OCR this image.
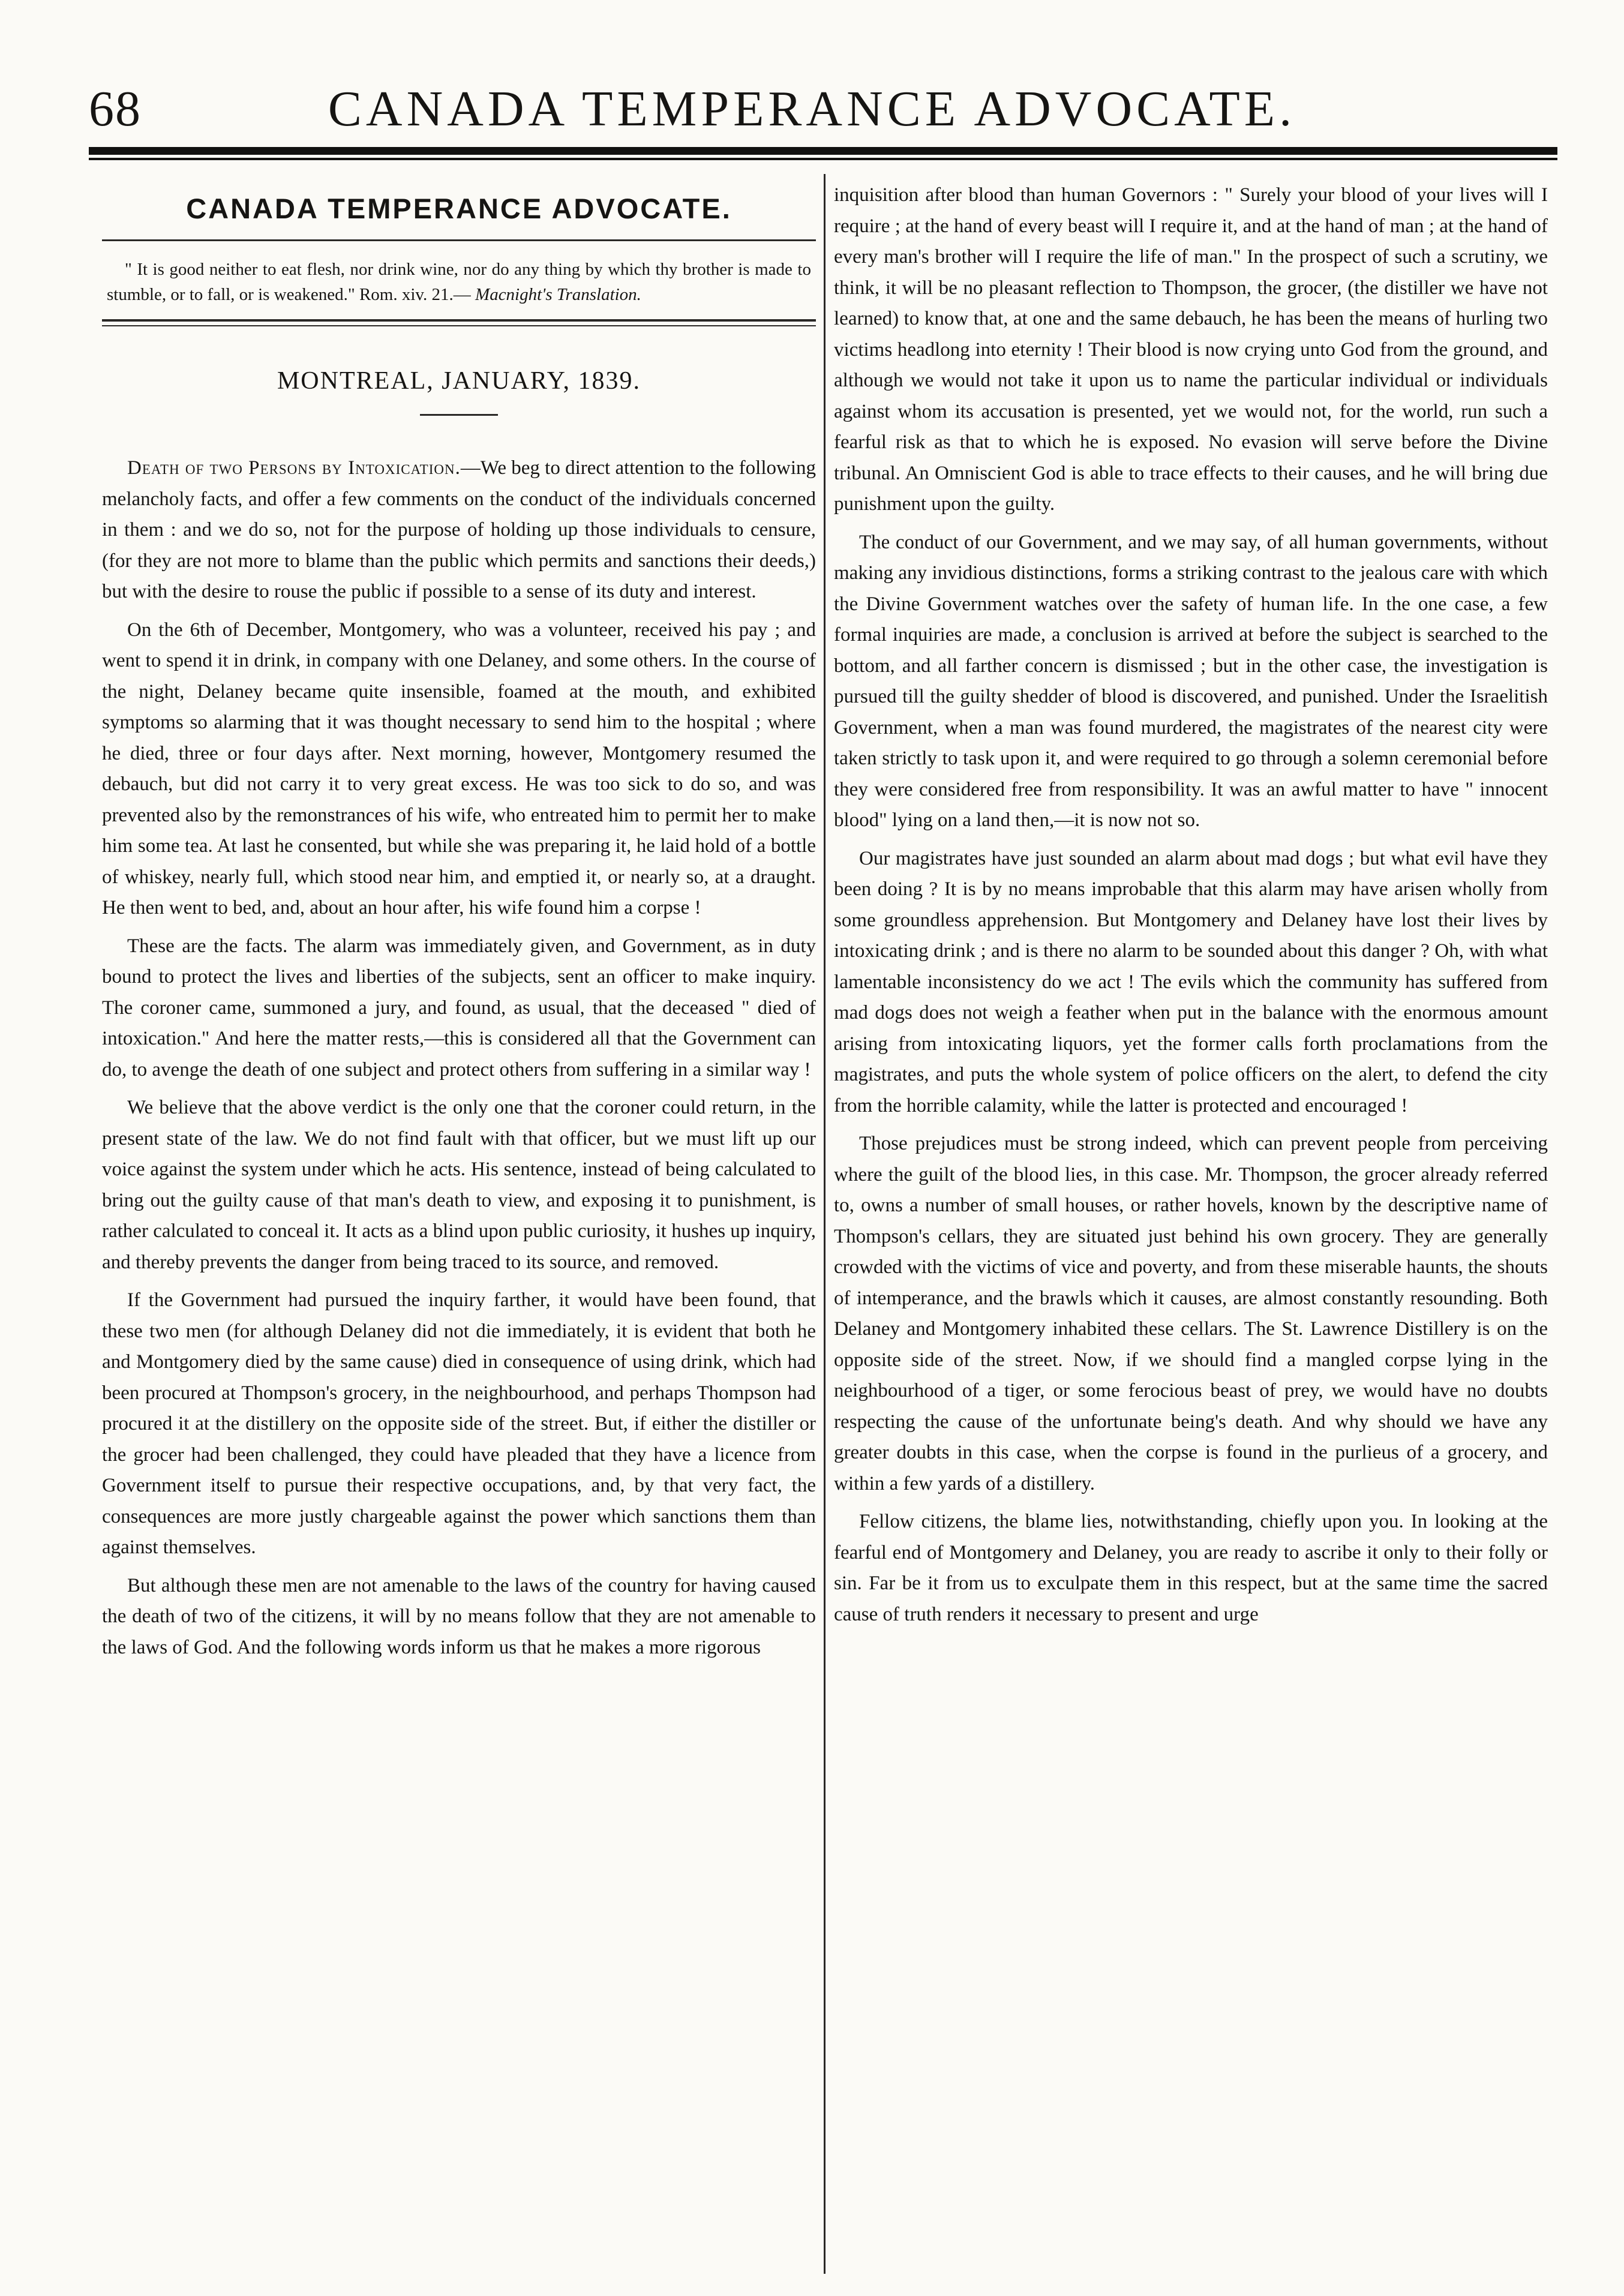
68	CANADA TEMPERANCE ADVOCATE.
CANADA TEMPERANCE ADVOCATE.
" It is good neither to eat flesh, nor drink wine, nor do any thing by which thy brother is made to stumble, or to fall, or is weakened." Rom. xiv. 21.— Macnight's Translation.
MONTREAL, JANUARY, 1839.

Death of two Persons by Intoxication.—We beg to direct attention to the following melancholy facts, and offer a few comments on the conduct of the individuals concerned in them : and we do so, not for the purpose of holding up those individuals to censure, (for they are not more to blame than the public which permits and sanctions their deeds,) but with the desire to rouse the public if possible to a sense of its duty and interest.

On the 6th of December, Montgomery, who was a volunteer, received his pay ; and went to spend it in drink, in company with one Delaney, and some others. In the course of the night, Delaney became quite insensible, foamed at the mouth, and exhibited symptoms so alarming that it was thought necessary to send him to the hospital ; where he died, three or four days after. Next morning, however, Montgomery resumed the debauch, but did not carry it to very great excess. He was too sick to do so, and was prevented also by the remonstrances of his wife, who entreated him to permit her to make him some tea. At last he consented, but while she was preparing it, he laid hold of a bottle of whiskey, nearly full, which stood near him, and emptied it, or nearly so, at a draught. He then went to bed, and, about an hour after, his wife found him a corpse !

These are the facts. The alarm was immediately given, and Government, as in duty bound to protect the lives and liberties of the subjects, sent an officer to make inquiry. The coroner came, summoned a jury, and found, as usual, that the deceased " died of intoxication." And here the matter rests,—this is considered all that the Government can do, to avenge the death of one subject and protect others from suffering in a similar way !

We believe that the above verdict is the only one that the coroner could return, in the present state of the law. We do not find fault with that officer, but we must lift up our voice against the system under which he acts. His sentence, instead of being calculated to bring out the guilty cause of that man's death to view, and exposing it to punishment, is rather calculated to conceal it. It acts as a blind upon public curiosity, it hushes up inquiry, and thereby prevents the danger from being traced to its source, and removed.

If the Government had pursued the inquiry farther, it would have been found, that these two men (for although Delaney did not die immediately, it is evident that both he and Montgomery died by the same cause) died in consequence of using drink, which had been procured at Thompson's grocery, in the neighbourhood, and perhaps Thompson had procured it at the distillery on the opposite side of the street. But, if either the distiller or the grocer had been challenged, they could have pleaded that they have a licence from Government itself to pursue their respective occupations, and, by that very fact, the consequences are more justly chargeable against the power which sanctions them than against themselves.

But although these men are not amenable to the laws of the country for having caused the death of two of the citizens, it will by no means follow that they are not amenable to the laws of God. And the following words inform us that he makes a more rigorous

inquisition after blood than human Governors : " Surely your blood of your lives will I require ; at the hand of every beast will I require it, and at the hand of man ; at the hand of every man's brother will I require the life of man." In the prospect of such a scrutiny, we think, it will be no pleasant reflection to Thompson, the grocer, (the distiller we have not learned) to know that, at one and the same debauch, he has been the means of hurling two victims headlong into eternity ! Their blood is now crying unto God from the ground, and although we would not take it upon us to name the particular individual or individuals against whom its accusation is presented, yet we would not, for the world, run such a fearful risk as that to which he is exposed. No evasion will serve before the Divine tribunal. An Omniscient God is able to trace effects to their causes, and he will bring due punishment upon the guilty.

The conduct of our Government, and we may say, of all human governments, without making any invidious distinctions, forms a striking contrast to the jealous care with which the Divine Government watches over the safety of human life. In the one case, a few formal inquiries are made, a conclusion is arrived at before the subject is searched to the bottom, and all farther concern is dismissed ; but in the other case, the investigation is pursued till the guilty shedder of blood is discovered, and punished. Under the Israelitish Government, when a man was found murdered, the magistrates of the nearest city were taken strictly to task upon it, and were required to go through a solemn ceremonial before they were considered free from responsibility. It was an awful matter to have " innocent blood" lying on a land then,—it is now not so.

Our magistrates have just sounded an alarm about mad dogs ; but what evil have they been doing ? It is by no means improbable that this alarm may have arisen wholly from some groundless apprehension. But Montgomery and Delaney have lost their lives by intoxicating drink ; and is there no alarm to be sounded about this danger ? Oh, with what lamentable inconsistency do we act ! The evils which the community has suffered from mad dogs does not weigh a feather when put in the balance with the enormous amount arising from intoxicating liquors, yet the former calls forth proclamations from the magistrates, and puts the whole system of police officers on the alert, to defend the city from the horrible calamity, while the latter is protected and encouraged !

Those prejudices must be strong indeed, which can prevent people from perceiving where the guilt of the blood lies, in this case. Mr. Thompson, the grocer already referred to, owns a number of small houses, or rather hovels, known by the descriptive name of Thompson's cellars, they are situated just behind his own grocery. They are generally crowded with the victims of vice and poverty, and from these miserable haunts, the shouts of intemperance, and the brawls which it causes, are almost constantly resounding. Both Delaney and Montgomery inhabited these cellars. The St. Lawrence Distillery is on the opposite side of the street. Now, if we should find a mangled corpse lying in the neighbourhood of a tiger, or some ferocious beast of prey, we would have no doubts respecting the cause of the unfortunate being's death. And why should we have any greater doubts in this case, when the corpse is found in the purlieus of a grocery, and within a few yards of a distillery.

Fellow citizens, the blame lies, notwithstanding, chiefly upon you. In looking at the fearful end of Montgomery and Delaney, you are ready to ascribe it only to their folly or sin. Far be it from us to exculpate them in this respect, but at the same time the sacred cause of truth renders it necessary to present and urge
